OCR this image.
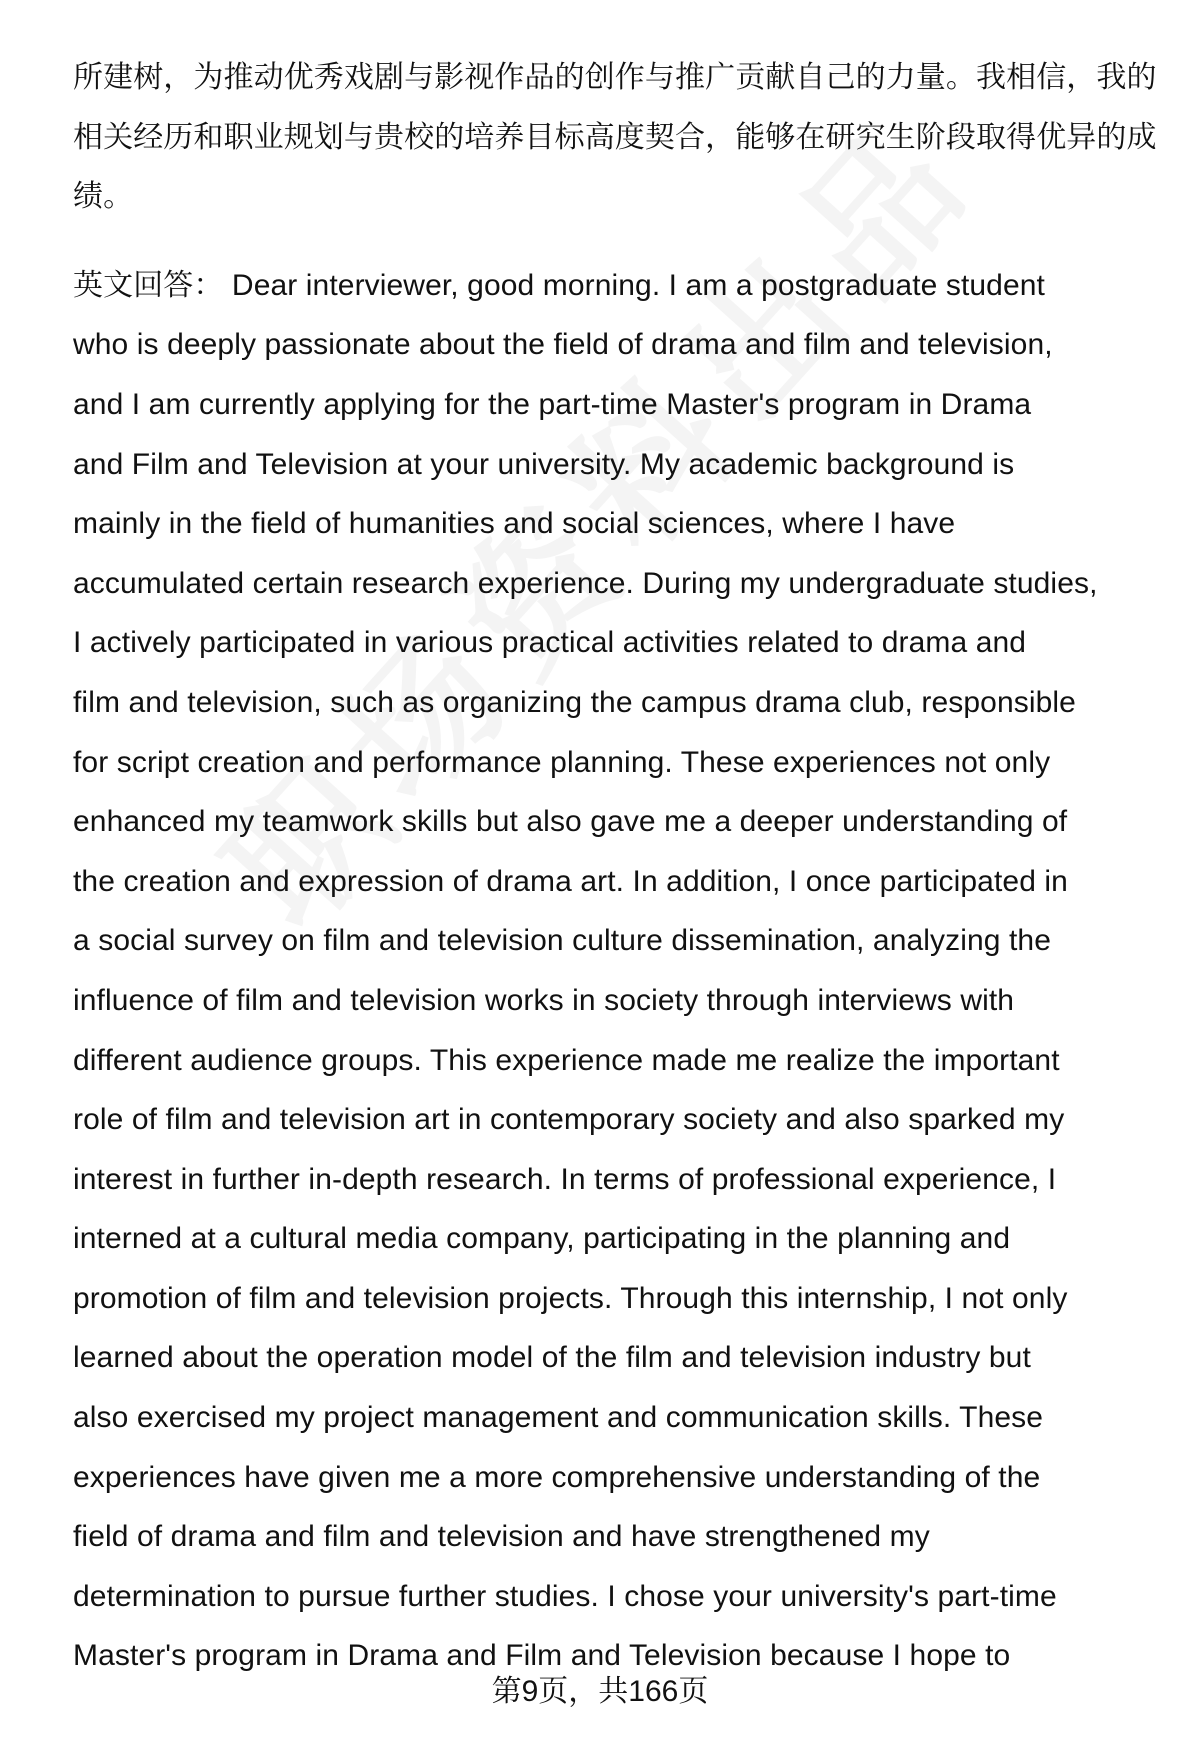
所建树，为推动优秀戏剧与影视作品的创作与推广贡献自己的力量。我相信，我的
相关经历和职业规划与贵校的培养目标高度契合，能够在研究生阶段取得优异的成
绩。
英文回答： Dear interviewer, good morning. I am a postgraduate student
who is deeply passionate about the field of drama and film and television,
and I am currently applying for the part-time Master's program in Drama
and Film and Television at your university. My academic background is
mainly in the field of humanities and social sciences, where I have
accumulated certain research experience. During my undergraduate studies,
I actively participated in various practical activities related to drama and
film and television, such as organizing the campus drama club, responsible
for script creation and performance planning. These experiences not only
enhanced my teamwork skills but also gave me a deeper understanding of
the creation and expression of drama art. In addition, I once participated in
a social survey on film and television culture dissemination, analyzing the
influence of film and television works in society through interviews with
different audience groups. This experience made me realize the important
role of film and television art in contemporary society and also sparked my
interest in further in-depth research. In terms of professional experience, I
interned at a cultural media company, participating in the planning and
promotion of film and television projects. Through this internship, I not only
learned about the operation model of the film and television industry but
also exercised my project management and communication skills. These
experiences have given me a more comprehensive understanding of the
field of drama and film and television and have strengthened my
determination to pursue further studies. I chose your university's part-time
Master's program in Drama and Film and Television because I hope to
第9页，共166页
